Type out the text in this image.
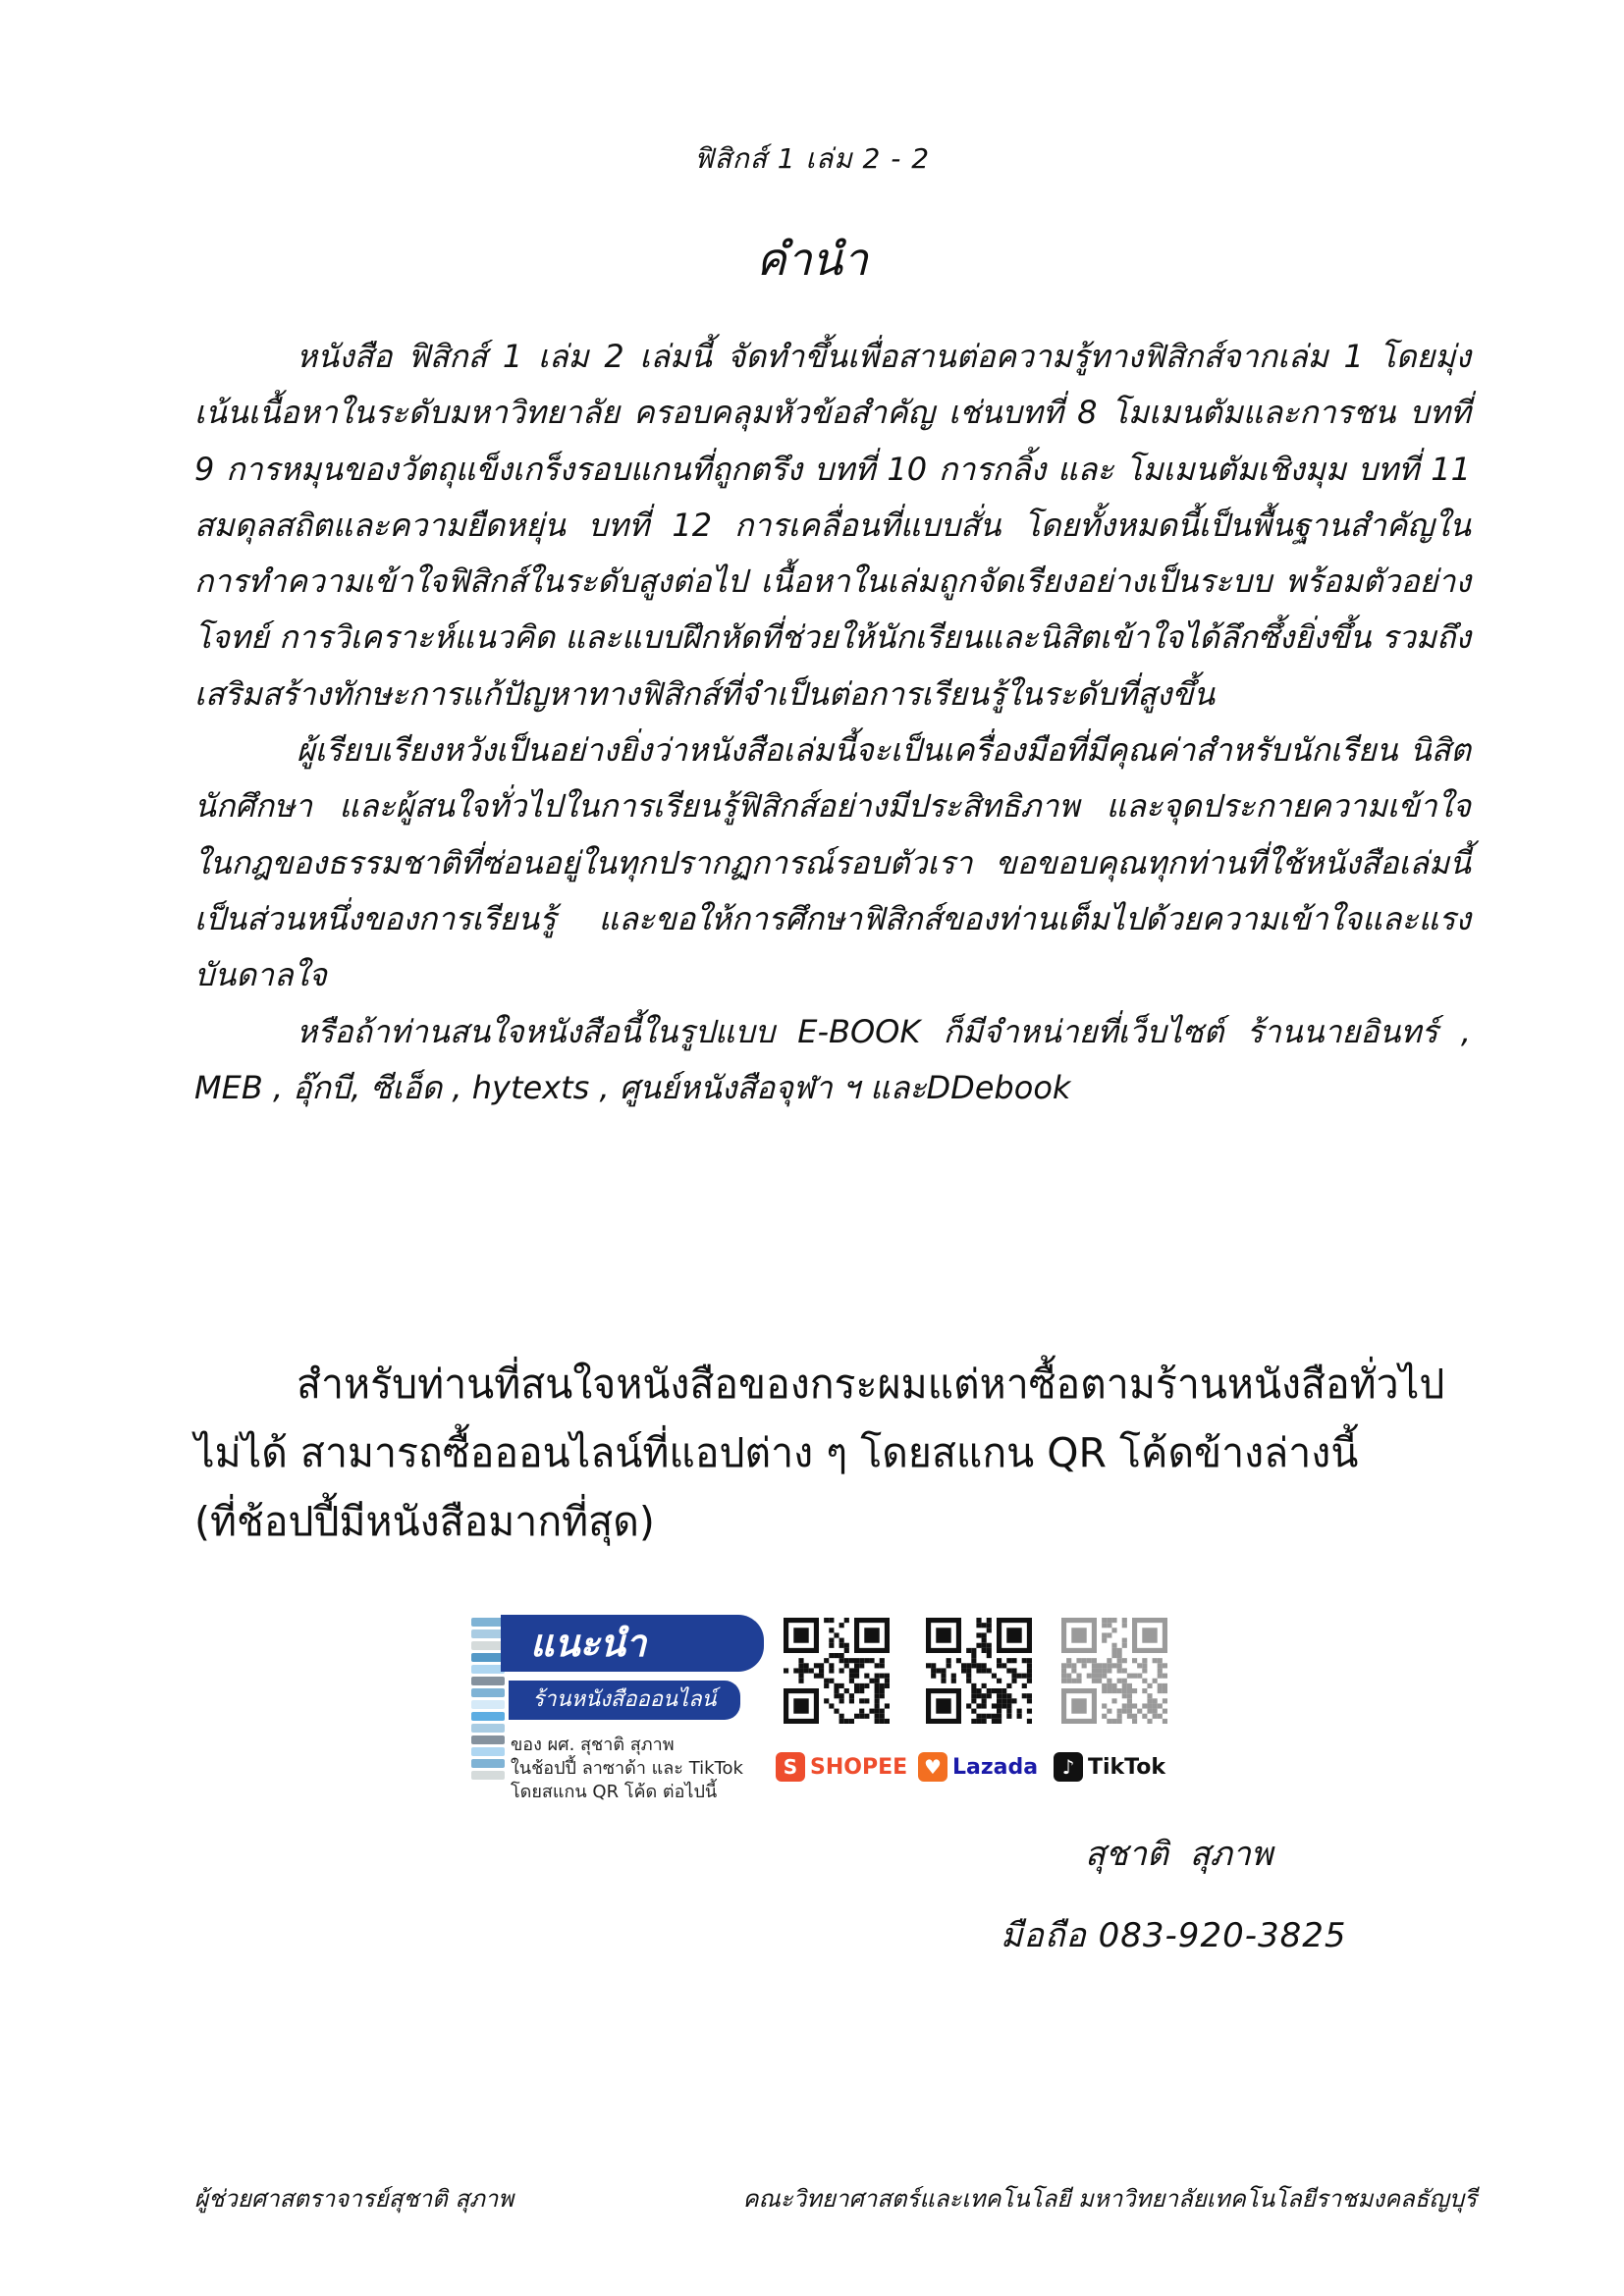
ฟิสิกส์ 1 เล่ม 2 - 2
คำนำ

หนังสือ ฟิสิกส์ 1 เล่ม 2 เล่มนี้ จัดทำขึ้นเพื่อสานต่อความรู้ทางฟิสิกส์จากเล่ม 1 โดยมุ่งเน้นเนื้อหาในระดับมหาวิทยาลัย ครอบคลุมหัวข้อสำคัญ เช่นบทที่ 8 โมเมนตัมและการชน บทที่ 9 การหมุนของวัตถุแข็งเกร็งรอบแกนที่ถูกตรึง บทที่ 10 การกลิ้ง และ โมเมนตัมเชิงมุม บทที่ 11 สมดุลสถิตและความยืดหยุ่น บทที่ 12 การเคลื่อนที่แบบสั่น โดยทั้งหมดนี้เป็นพื้นฐานสำคัญในการทำความเข้าใจฟิสิกส์ในระดับสูงต่อไป เนื้อหาในเล่มถูกจัดเรียงอย่างเป็นระบบ พร้อมตัวอย่างโจทย์ การวิเคราะห์แนวคิด และแบบฝึกหัดที่ช่วยให้นักเรียนและนิสิตเข้าใจได้ลึกซึ้งยิ่งขึ้น รวมถึงเสริมสร้างทักษะการแก้ปัญหาทางฟิสิกส์ที่จำเป็นต่อการเรียนรู้ในระดับที่สูงขึ้น

ผู้เรียบเรียงหวังเป็นอย่างยิ่งว่าหนังสือเล่มนี้จะเป็นเครื่องมือที่มีคุณค่าสำหรับนักเรียน นิสิต นักศึกษา และผู้สนใจทั่วไปในการเรียนรู้ฟิสิกส์อย่างมีประสิทธิภาพ และจุดประกายความเข้าใจในกฎของธรรมชาติที่ซ่อนอยู่ในทุกปรากฏการณ์รอบตัวเรา ขอขอบคุณทุกท่านที่ใช้หนังสือเล่มนี้เป็นส่วนหนึ่งของการเรียนรู้ และขอให้การศึกษาฟิสิกส์ของท่านเต็มไปด้วยความเข้าใจและแรงบันดาลใจ

หรือถ้าท่านสนใจหนังสือนี้ในรูปแบบ E-BOOK ก็มีจำหน่ายที่เว็บไซต์ ร้านนายอินทร์ , MEB , อุ๊กบี, ซีเอ็ด , hytexts , ศูนย์หนังสือจุฬา ฯ และDDebook

สำหรับท่านที่สนใจหนังสือของกระผมแต่หาซื้อตามร้านหนังสือทั่วไปไม่ได้ สามารถซื้อออนไลน์ที่แอปต่าง ๆ โดยสแกน QR โค้ดข้างล่างนี้

(ที่ช้อปปี้มีหนังสือมากที่สุด)

แนะนำ
ร้านหนังสือออนไลน์
ของ ผศ. สุชาติ สุภาพ
ในช้อปปี้ ลาซาด้า และ TikTok
โดยสแกน QR โค้ด ต่อไปนี้
S SHOPEE ♥ Lazada	♪ TikTok
สุชาติ  สุภาพ
มือถือ 083-920-3825
ผู้ช่วยศาสตราจารย์สุชาติ สุภาพ	คณะวิทยาศาสตร์และเทคโนโลยี มหาวิทยาลัยเทคโนโลยีราชมงคลธัญบุรี
